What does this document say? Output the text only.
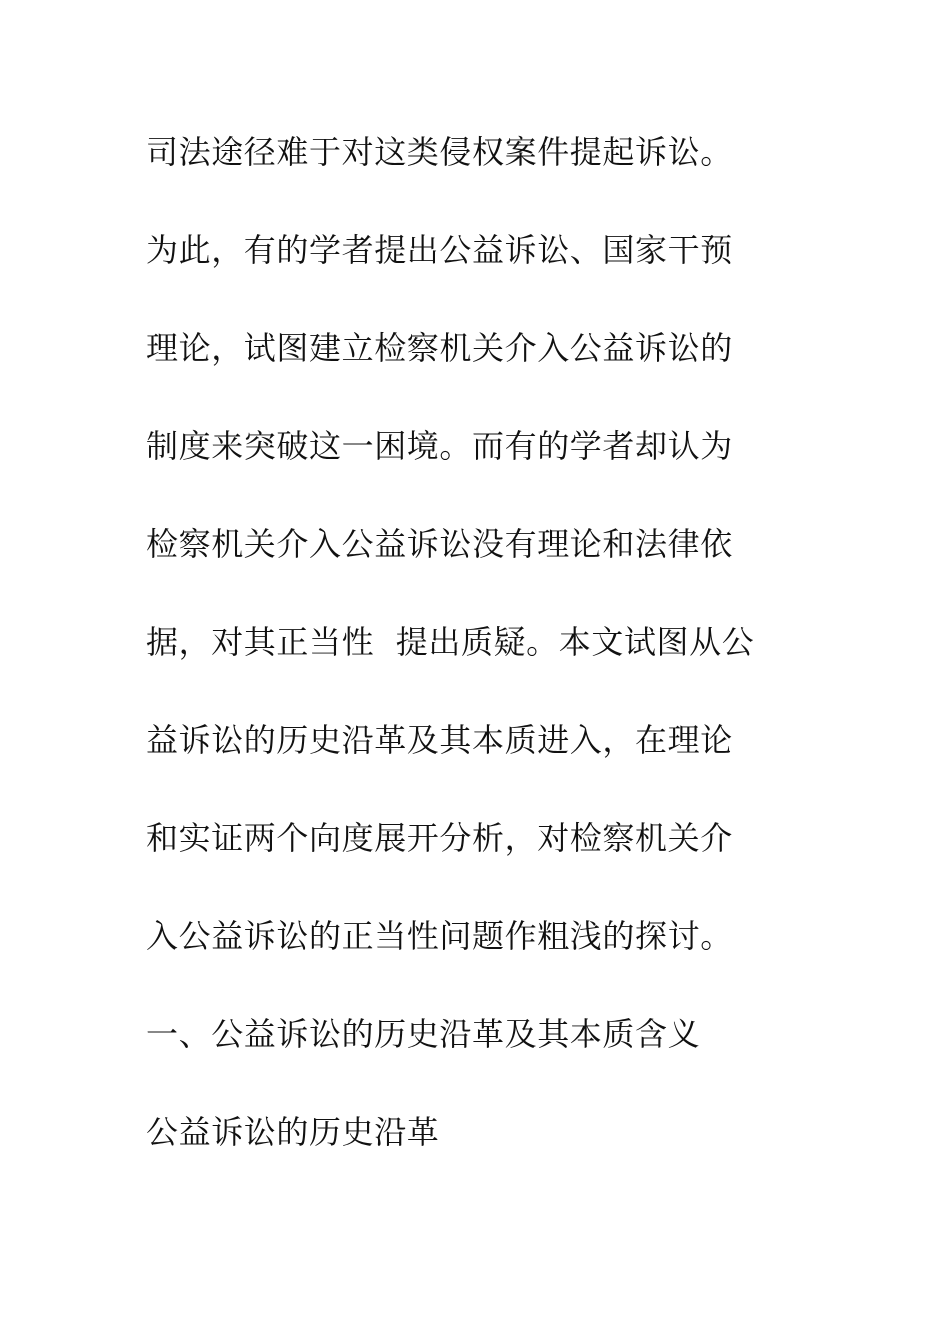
司法途径难于对这类侵权案件提起诉讼。
为此，有的学者提出公益诉讼、国家干预
理论，试图建立检察机关介入公益诉讼的
制度来突破这一困境。而有的学者却认为
检察机关介入公益诉讼没有理论和法律依
据，对其正当性  提出质疑。本文试图从公
益诉讼的历史沿革及其本质进入，在理论
和实证两个向度展开分析，对检察机关介
入公益诉讼的正当性问题作粗浅的探讨。
一、公益诉讼的历史沿革及其本质含义
公益诉讼的历史沿革
